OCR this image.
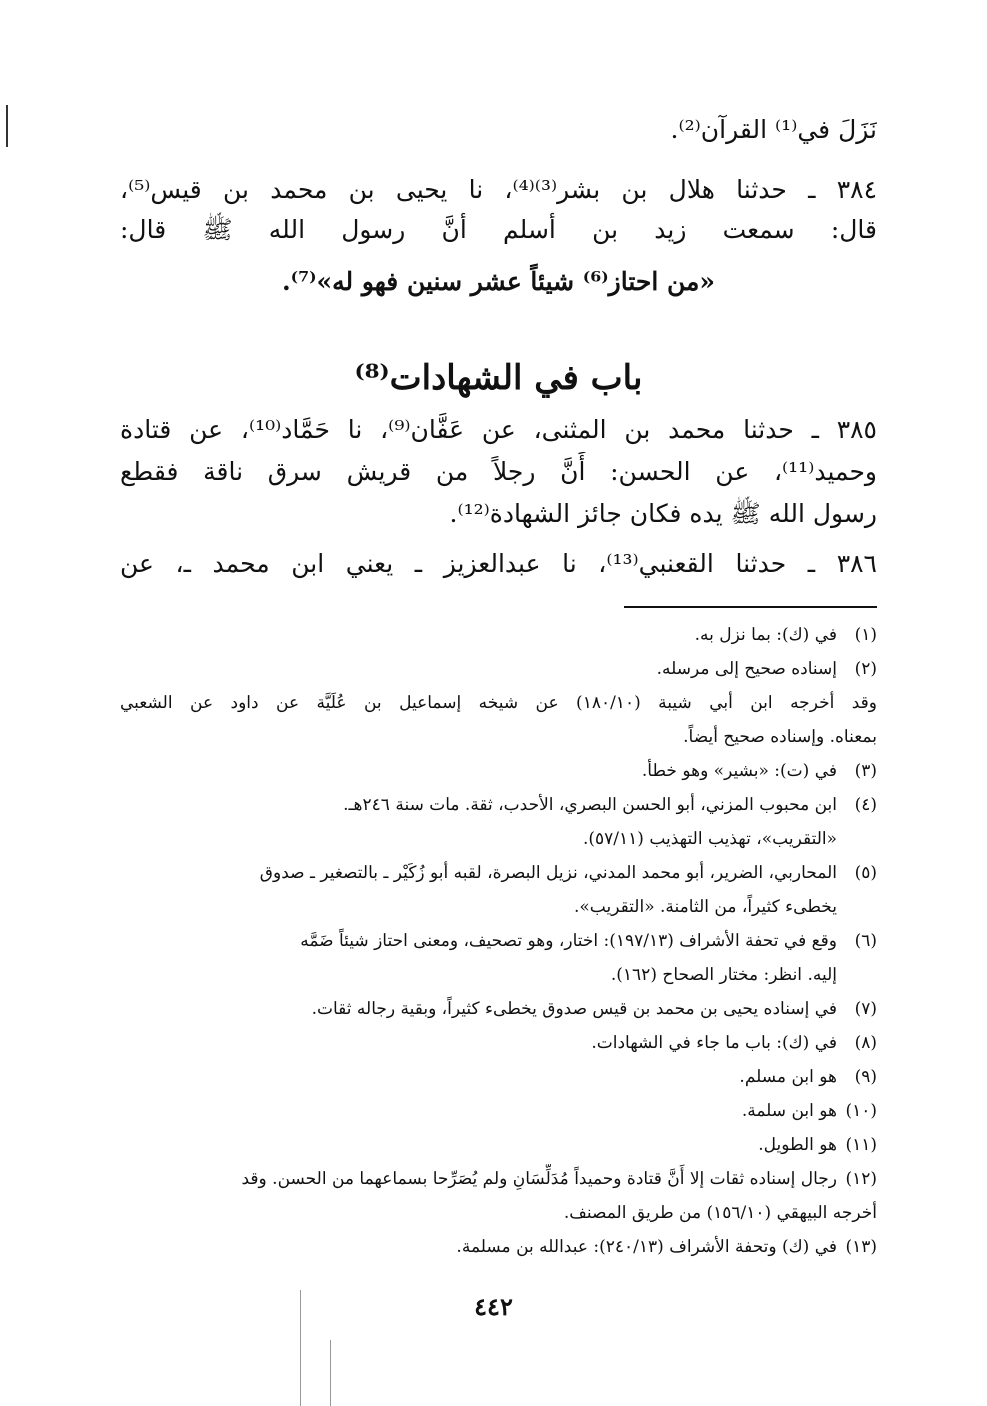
نَزَلَ في⁽¹⁾ القرآن⁽²⁾.
٣٨٤ ـ حدثنا هلال بن بشر⁽³⁾⁽⁴⁾، نا يحيى بن محمد بن قيس⁽⁵⁾،
قال: سمعت زيد بن أسلم أنَّ رسول الله ﷺ قال:
«من احتاز⁽⁶⁾ شيئاً عشر سنين فهو له»⁽⁷⁾.
باب في الشهادات⁽⁸⁾
٣٨٥ ـ حدثنا محمد بن المثنى، عن عَفَّان⁽⁹⁾، نا حَمَّاد⁽¹⁰⁾، عن قتادة
وحميد⁽¹¹⁾، عن الحسن: أَنَّ رجلاً من قريش سرق ناقة فقطع
رسول الله ﷺ يده فكان جائز الشهادة⁽¹²⁾.
٣٨٦ ـ حدثنا القعنبي⁽¹³⁾، نا عبدالعزيز ـ يعني ابن محمد ـ، عن
(١)في (ك): بما نزل به.
(٢)إسناده صحيح إلى مرسله.
وقد أخرجه ابن أبي شيبة (١٨٠/١٠) عن شيخه إسماعيل بن عُلَيَّة عن داود عن الشعبي
بمعناه. وإسناده صحيح أيضاً.
(٣)في (ت): «بشير» وهو خطأ.
(٤)ابن محبوب المزني، أبو الحسن البصري، الأحدب، ثقة. مات سنة ٢٤٦هـ.
«التقريب»، تهذيب التهذيب (٥٧/١١).
(٥)المحاربي، الضرير، أبو محمد المدني، نزيل البصرة، لقبه أبو زُكَيْر ـ بالتصغير ـ صدوق
يخطىء كثيراً، من الثامنة. «التقريب».
(٦)وقع في تحفة الأشراف (١٩٧/١٣): اختار، وهو تصحيف، ومعنى احتاز شيئاً ضَمَّه
إليه. انظر: مختار الصحاح (١٦٢).
(٧)في إسناده يحيى بن محمد بن قيس صدوق يخطىء كثيراً، وبقية رجاله ثقات.
(٨)في (ك): باب ما جاء في الشهادات.
(٩)هو ابن مسلم.
(١٠)هو ابن سلمة.
(١١)هو الطويل.
(١٢)رجال إسناده ثقات إلا أَنَّ قتادة وحميداً مُدَلِّسَانِ ولم يُصَرِّحا بسماعهما من الحسن. وقد
أخرجه البيهقي (١٥٦/١٠) من طريق المصنف.
(١٣)في (ك) وتحفة الأشراف (٢٤٠/١٣): عبدالله بن مسلمة.
٤٤٢
